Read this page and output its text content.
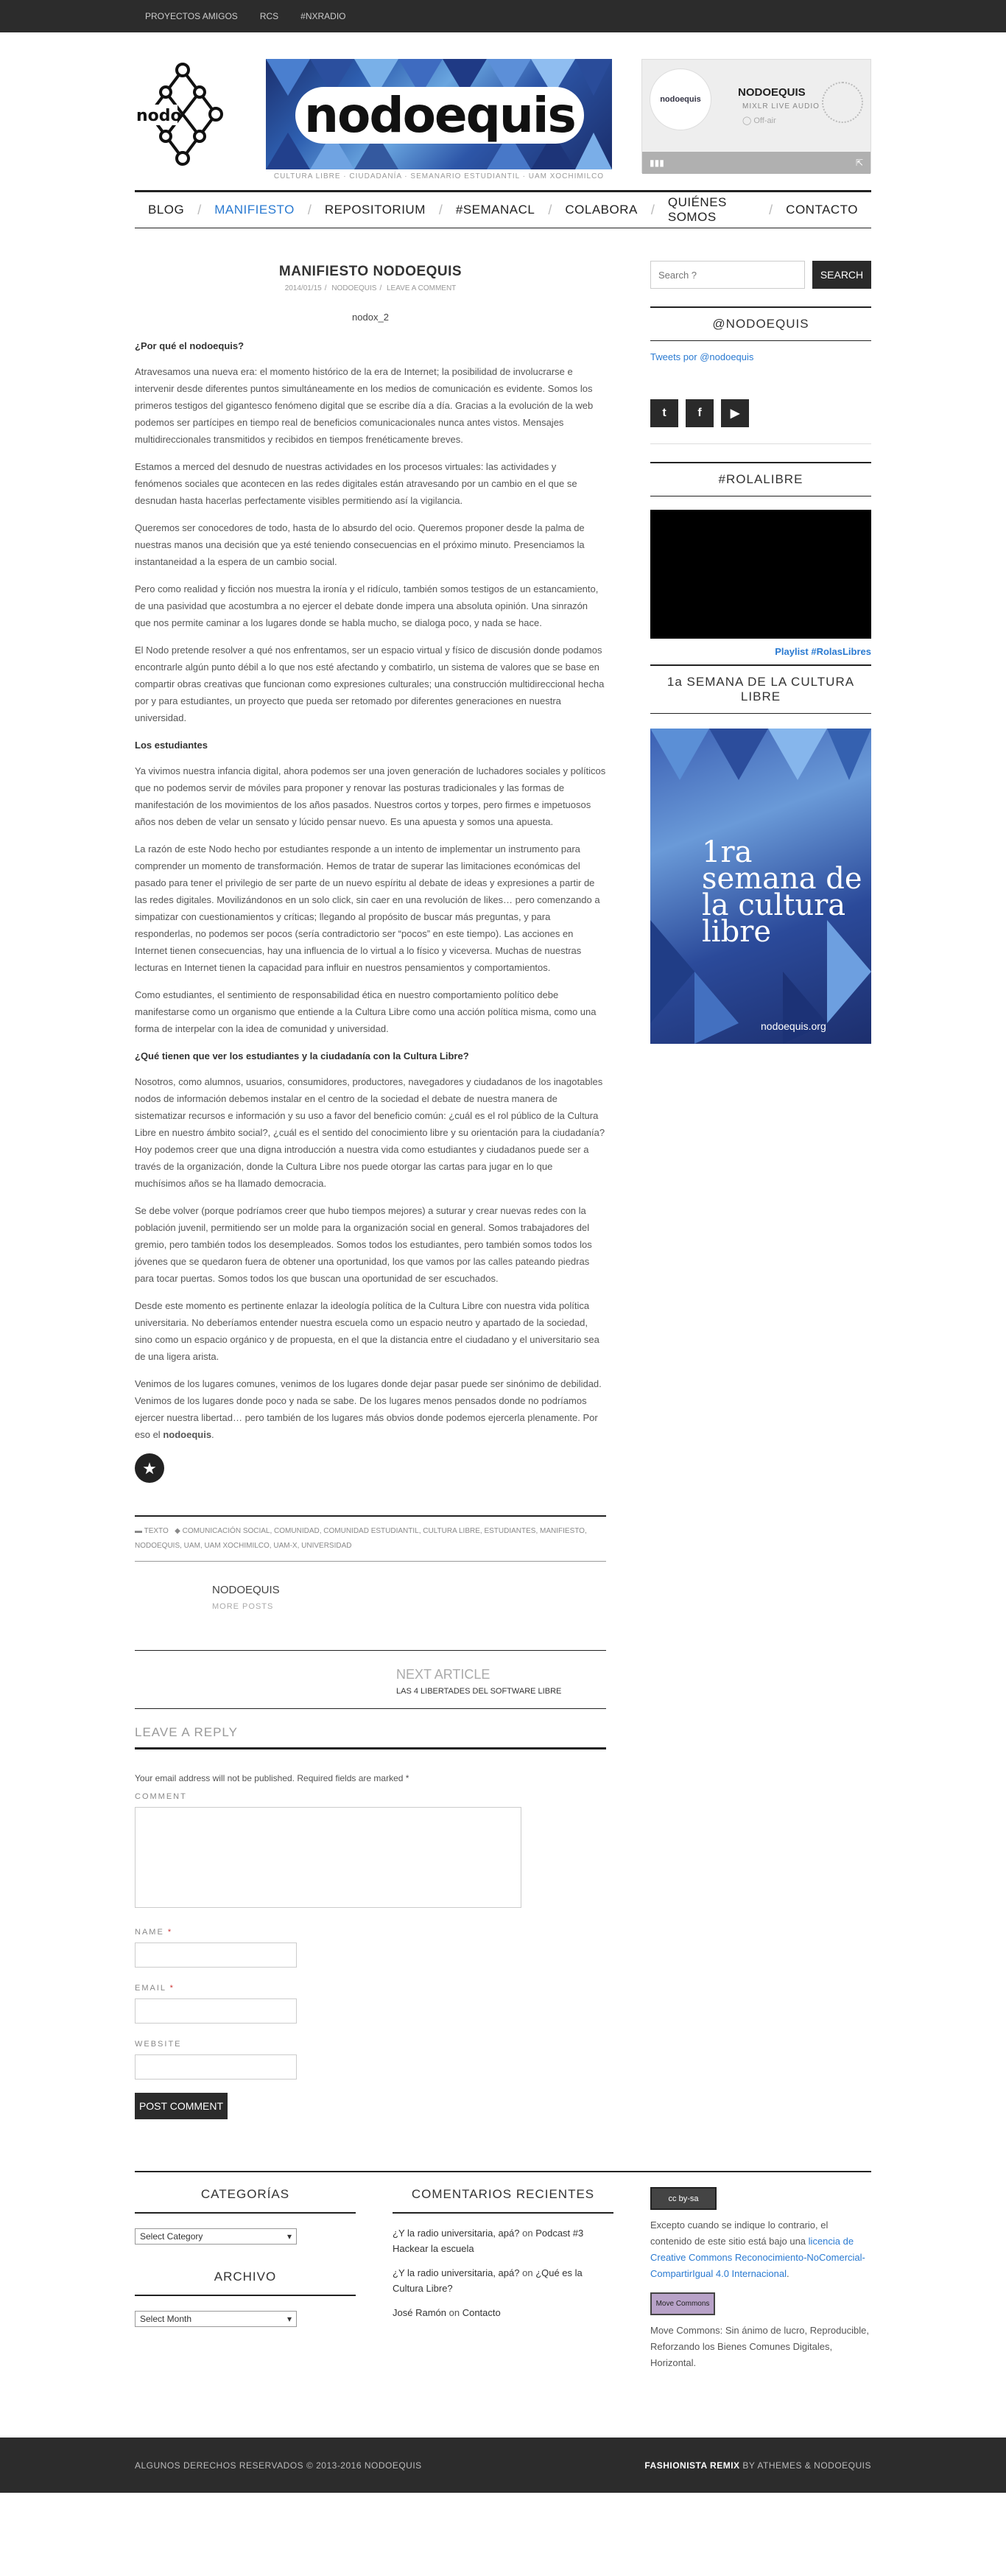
PROYECTOS AMIGOS	RCS	#NXRADIO
nodo	nodoequis
CULTURA LIBRE · CIUDADANÍA · SEMANARIO ESTUDIANTIL · UAM XOCHIMILCO
nodoequis
NODOEQUIS
MIXLR LIVE AUDIO
◯ Off-air
▮▮▮	⇱
BLOG	/	MANIFIESTO	/	REPOSITORIUM	/	#SEMANACL	/	COLABORA	/	QUIÉNES SOMOS	/	CONTACTO
MANIFIESTO NODOEQUIS
2014/01/15 / NODOEQUIS / LEAVE A COMMENT
nodox_2
¿Por qué el nodoequis?

Atravesamos una nueva era: el momento histórico de la era de Internet; la posibilidad de involucrarse e intervenir desde diferentes puntos simultáneamente en los medios de comunicación es evidente. Somos los primeros testigos del gigantesco fenómeno digital que se escribe día a día. Gracias a la evolución de la web podemos ser partícipes en tiempo real de beneficios comunicacionales nunca antes vistos. Mensajes multidireccionales transmitidos y recibidos en tiempos frenéticamente breves.

Estamos a merced del desnudo de nuestras actividades en los procesos virtuales: las actividades y fenómenos sociales que acontecen en las redes digitales están atravesando por un cambio en el que se desnudan hasta hacerlas perfectamente visibles permitiendo así la vigilancia.

Queremos ser conocedores de todo, hasta de lo absurdo del ocio. Queremos proponer desde la palma de nuestras manos una decisión que ya esté teniendo consecuencias en el próximo minuto. Presenciamos la instantaneidad a la espera de un cambio social.

Pero como realidad y ficción nos muestra la ironía y el ridículo, también somos testigos de un estancamiento, de una pasividad que acostumbra a no ejercer el debate donde impera una absoluta opinión. Una sinrazón que nos permite caminar a los lugares donde se habla mucho, se dialoga poco, y nada se hace.

El Nodo pretende resolver a qué nos enfrentamos, ser un espacio virtual y físico de discusión donde podamos encontrarle algún punto débil a lo que nos esté afectando y combatirlo, un sistema de valores que se base en compartir obras creativas que funcionan como expresiones culturales; una construcción multidireccional hecha por y para estudiantes, un proyecto que pueda ser retomado por diferentes generaciones en nuestra universidad.

Los estudiantes

Ya vivimos nuestra infancia digital, ahora podemos ser una joven generación de luchadores sociales y políticos que no podemos servir de móviles para proponer y renovar las posturas tradicionales y las formas de manifestación de los movimientos de los años pasados. Nuestros cortos y torpes, pero firmes e impetuosos años nos deben de velar un sensato y lúcido pensar nuevo. Es una apuesta y somos una apuesta.

La razón de este Nodo hecho por estudiantes responde a un intento de implementar un instrumento para comprender un momento de transformación. Hemos de tratar de superar las limitaciones económicas del pasado para tener el privilegio de ser parte de un nuevo espíritu al debate de ideas y expresiones a partir de las redes digitales. Movilizándonos en un solo click, sin caer en una revolución de likes… pero comenzando a simpatizar con cuestionamientos y críticas; llegando al propósito de buscar más preguntas, y para responderlas, no podemos ser pocos (sería contradictorio ser “pocos” en este tiempo). Las acciones en Internet tienen consecuencias, hay una influencia de lo virtual a lo físico y viceversa. Muchas de nuestras lecturas en Internet tienen la capacidad para influir en nuestros pensamientos y comportamientos.

Como estudiantes, el sentimiento de responsabilidad ética en nuestro comportamiento político debe manifestarse como un organismo que entiende a la Cultura Libre como una acción política misma, como una forma de interpelar con la idea de comunidad y universidad.

¿Qué tienen que ver los estudiantes y la ciudadanía con la Cultura Libre?

Nosotros, como alumnos, usuarios, consumidores, productores, navegadores y ciudadanos de los inagotables nodos de información debemos instalar en el centro de la sociedad el debate de nuestra manera de sistematizar recursos e información y su uso a favor del beneficio común: ¿cuál es el rol público de la Cultura Libre en nuestro ámbito social?, ¿cuál es el sentido del conocimiento libre y su orientación para la ciudadanía? Hoy podemos creer que una digna introducción a nuestra vida como estudiantes y ciudadanos puede ser a través de la organización, donde la Cultura Libre nos puede otorgar las cartas para jugar en lo que muchísimos años se ha llamado democracia.

Se debe volver (porque podríamos creer que hubo tiempos mejores) a suturar y crear nuevas redes con la población juvenil, permitiendo ser un molde para la organización social en general. Somos trabajadores del gremio, pero también todos los desempleados. Somos todos los estudiantes, pero también somos todos los jóvenes que se quedaron fuera de obtener una oportunidad, los que vamos por las calles pateando piedras para tocar puertas. Somos todos los que buscan una oportunidad de ser escuchados.

Desde este momento es pertinente enlazar la ideología política de la Cultura Libre con nuestra vida política universitaria. No deberíamos entender nuestra escuela como un espacio neutro y apartado de la sociedad, sino como un espacio orgánico y de propuesta, en el que la distancia entre el ciudadano y el universitario sea de una ligera arista.

Venimos de los lugares comunes, venimos de los lugares donde dejar pasar puede ser sinónimo de debilidad. Venimos de los lugares donde poco y nada se sabe. De los lugares menos pensados donde no podríamos ejercer nuestra libertad… pero también de los lugares más obvios donde podemos ejercerla plenamente. Por eso el nodoequis.

★
▬ TEXTO ◆ COMUNICACIÓN SOCIAL, COMUNIDAD, COMUNIDAD ESTUDIANTIL, CULTURA LIBRE, ESTUDIANTES, MANIFIESTO, NODOEQUIS, UAM, UAM XOCHIMILCO, UAM-X, UNIVERSIDAD
NODOEQUIS
MORE POSTS
NEXT ARTICLE
LAS 4 LIBERTADES DEL SOFTWARE LIBRE
LEAVE A REPLY
Your email address will not be published. Required fields are marked *
COMMENT
NAME *
EMAIL *
WEBSITE
POST COMMENT
Search ?
SEARCH
@NODOEQUIS
Tweets por @nodoequis
t	f	▶
#ROLALIBRE
Playlist #RolasLibres
1a SEMANA DE LA CULTURA LIBRE
1ra semana de la cultura libre
nodoequis.org
CATEGORÍAS
Select Category	▾
ARCHIVO
Select Month	▾
COMENTARIOS RECIENTES
¿Y la radio universitaria, apá? on Podcast #3 Hackear la escuela
¿Y la radio universitaria, apá? on ¿Qué es la Cultura Libre?
José Ramón on Contacto
cc by-sa
Excepto cuando se indique lo contrario, el contenido de este sitio está bajo una licencia de Creative Commons Reconocimiento-NoComercial-CompartirIgual 4.0 Internacional.
Move Commons
Move Commons: Sin ánimo de lucro, Reproducible, Reforzando los Bienes Comunes Digitales, Horizontal.
ALGUNOS DERECHOS RESERVADOS © 2013-2016 NODOEQUIS	FASHIONISTA REMIX BY ATHEMES & NODOEQUIS
